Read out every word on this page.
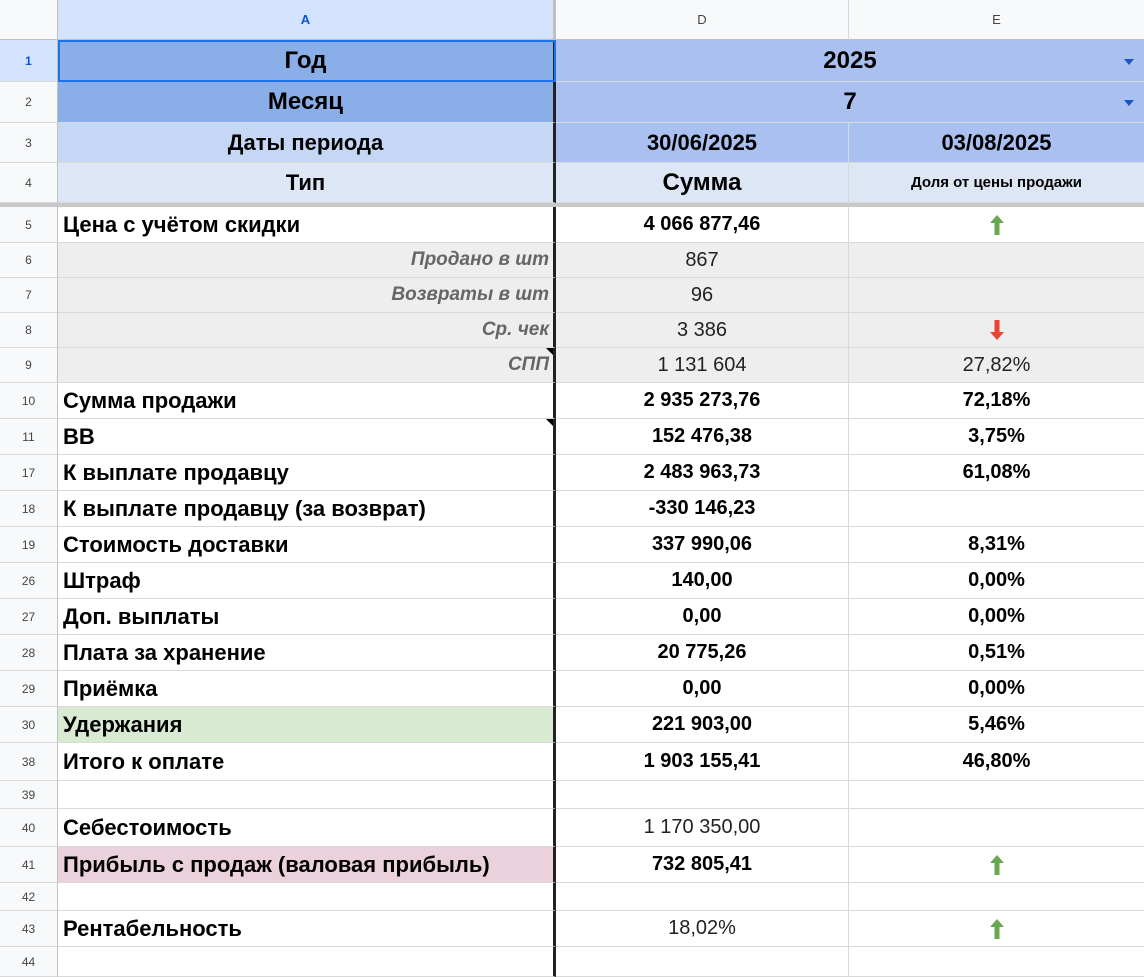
A	D	E
1	Год	2025
2	Месяц	7
3	Даты периода	30/06/2025	03/08/2025
4	Тип	Сумма	Доля от цены продажи
5	Цена с учётом скидки	4 066 877,46
6	Продано в шт	867
7	Возвраты в шт	96
8	Ср. чек	3 386
9	СПП	1 131 604	27,82%
10	Сумма продажи	2 935 273,76	72,18%
11	ВВ	152 476,38	3,75%
17	К выплате продавцу	2 483 963,73	61,08%
18	К выплате продавцу (за возврат)	-330 146,23
19	Стоимость доставки	337 990,06	8,31%
26	Штраф	140,00	0,00%
27	Доп. выплаты	0,00	0,00%
28	Плата за хранение	20 775,26	0,51%
29	Приёмка	0,00	0,00%
30	Удержания	221 903,00	5,46%
38	Итого к оплате	1 903 155,41	46,80%
39
40	Себестоимость	1 170 350,00
41	Прибыль с продаж (валовая прибыль)	732 805,41
42
43	Рентабельность	18,02%
44
